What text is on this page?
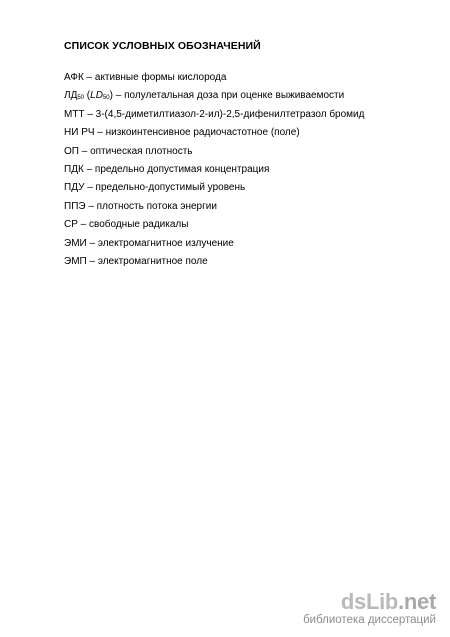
СПИСОК УСЛОВНЫХ ОБОЗНАЧЕНИЙ
АФК – активные формы кислорода
$ЛД_{50}$ $(LD_{50})$ – полулетальная доза при оценке выживаемости
МТТ – 3-(4,5-диметилтиазол-2-ил)-2,5-дифенилтетразол бромид
НИ РЧ – низкоинтенсивное радиочастотное (поле)
ОП – оптическая плотность
ПДК – предельно допустимая концентрация
ПДУ – предельно-допустимый уровень
ППЭ – плотность потока энергии
СР – свободные радикалы
ЭМИ – электромагнитное излучение
ЭМП – электромагнитное поле
dsLib.net
библиотека диссертаций
